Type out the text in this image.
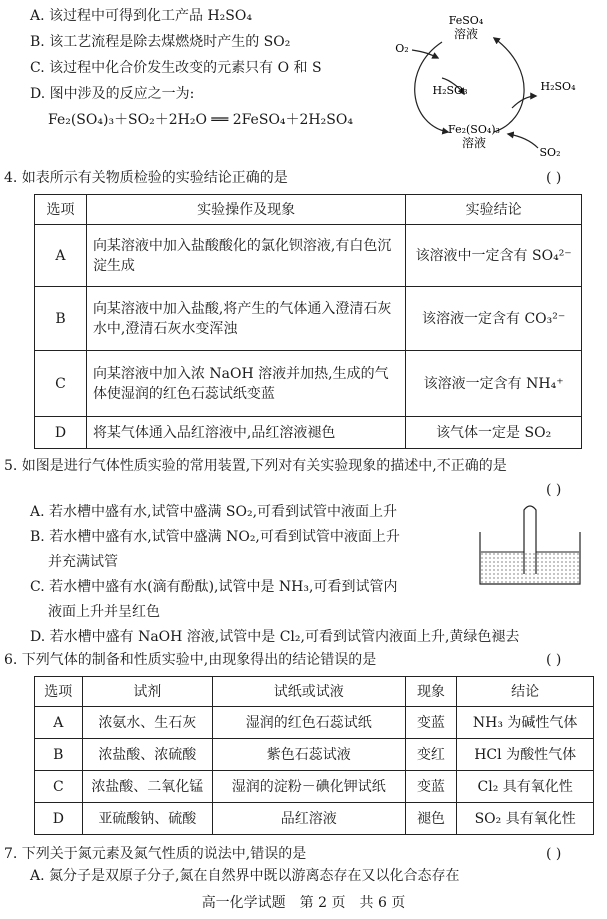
A. 该过程中可得到化工产品 H₂SO₄
B. 该工艺流程是除去煤燃烧时产生的 SO₂
C. 该过程中化合价发生改变的元素只有 O 和 S
D. 图中涉及的反应之一为:
Fe₂(SO₄)₃＋SO₂＋2H₂O ══ 2FeSO₄＋2H₂SO₄
FeSO₄
溶液
O₂
H₂SO₃	H₂SO₄
Fe₂(SO₄)₃
溶液
SO₂
4. 如表所示有关物质检验的实验结论正确的是	( )
选项	实验操作及现象	实验结论
A	向某溶液中加入盐酸酸化的氯化钡溶液,有白色沉淀生成	该溶液中一定含有 SO₄²⁻
B	向某溶液中加入盐酸,将产生的气体通入澄清石灰水中,澄清石灰水变浑浊	该溶液一定含有 CO₃²⁻
C	向某溶液中加入浓 NaOH 溶液并加热,生成的气体使湿润的红色石蕊试纸变蓝	该溶液一定含有 NH₄⁺
D	将某气体通入品红溶液中,品红溶液褪色	该气体一定是 SO₂
5. 如图是进行气体性质实验的常用装置,下列对有关实验现象的描述中,不正确的是
( )
A. 若水槽中盛有水,试管中盛满 SO₂,可看到试管中液面上升
B. 若水槽中盛有水,试管中盛满 NO₂,可看到试管中液面上升
并充满试管
C. 若水槽中盛有水(滴有酚酞),试管中是 NH₃,可看到试管内
液面上升并呈红色
D. 若水槽中盛有 NaOH 溶液,试管中是 Cl₂,可看到试管内液面上升,黄绿色褪去
6. 下列气体的制备和性质实验中,由现象得出的结论错误的是	( )
选项	试剂	试纸或试液	现象	结论
A	浓氨水、生石灰	湿润的红色石蕊试纸	变蓝	NH₃ 为碱性气体
B	浓盐酸、浓硫酸	紫色石蕊试液	变红	HCl 为酸性气体
C	浓盐酸、二氧化锰	湿润的淀粉－碘化钾试纸	变蓝	Cl₂ 具有氧化性
D	亚硫酸钠、硫酸	品红溶液	褪色	SO₂ 具有氧化性
7. 下列关于氮元素及氮气性质的说法中,错误的是	( )
A. 氮分子是双原子分子,氮在自然界中既以游离态存在又以化合态存在
高一化学试题　第 2 页　共 6 页
